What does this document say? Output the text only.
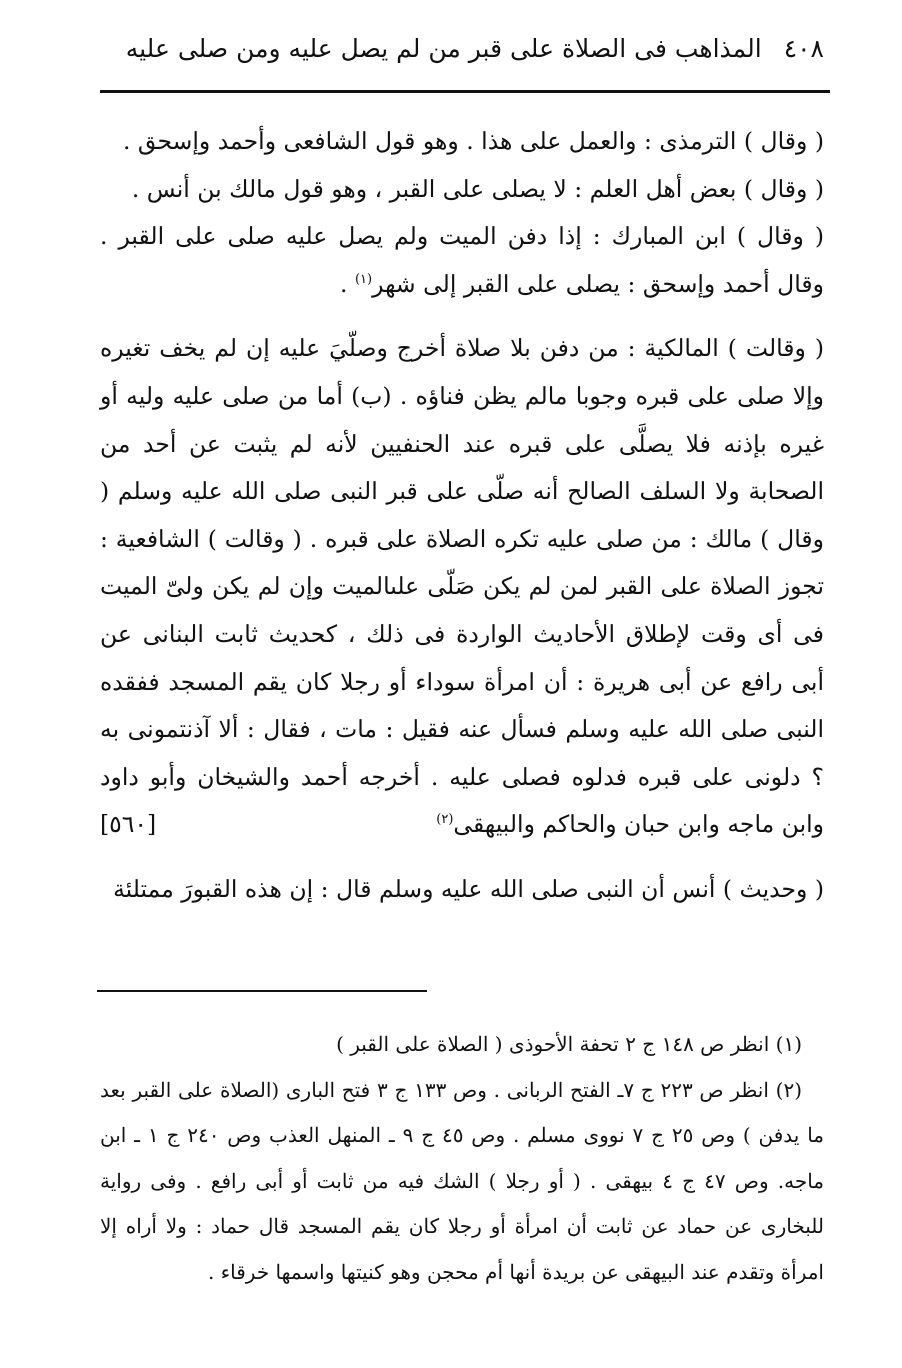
٤٠٨
المذاهب فى الصلاة على قبر من لم يصل عليه ومن صلى عليه

( وقال ) الترمذى : والعمل على هذا . وهو قول الشافعى وأحمد وإسحق .

( وقال ) بعض أهل العلم : لا يصلى على القبر ، وهو قول مالك بن أنس .

( وقال ) ابن المبارك : إذا دفن الميت ولم يصل عليه صلى على القبر . وقال أحمد وإسحق : يصلى على القبر إلى شهر$^{(١)}$ .

( وقالت ) المالكية : من دفن بلا صلاة أخرج وصلّيَ عليه إن لم يخف تغيره وإلا صلى على قبره وجوبا مالم يظن فناؤه . (ب) أما من صلى عليه وليه أو غيره بإذنه فلا يصلَّى على قبره عند الحنفيين لأنه لم يثبت عن أحد من الصحابة ولا السلف الصالح أنه صلّى على قبر النبى صلى الله عليه وسلم ( وقال ) مالك : من صلى عليه تكره الصلاة على قبره . ( وقالت ) الشافعية : تجوز الصلاة على القبر لمن لم يكن صَلّى علىالميت وإن لم يكن ولىّ الميت فى أى وقت لإطلاق الأحاديث الواردة فى ذلك ، كحديث ثابت البنانى عن أبى رافع عن أبى هريرة : أن امرأة سوداء أو رجلا كان يقم المسجد ففقده النبى صلى الله عليه وسلم فسأل عنه فقيل : مات ، فقال : ألا آذنتمونى به ؟ دلونى على قبره فدلوه فصلى عليه . أخرجه أحمد والشيخان وأبو داود وابن ماجه وابن حبان والحاكم والبيهقى$^{(٢)}$
[٥٦٠]

( وحديث ) أنس أن النبى صلى الله عليه وسلم قال : إن هذه القبورَ ممتلئة

(١) انظر ص ١٤٨ ج ٢ تحفة الأحوذى ( الصلاة على القبر )

(٢) انظر ص ٢٢٣ ج ٧ـ الفتح الربانى . وص ١٣٣ ج ٣ فتح البارى (الصلاة على القبر بعد ما يدفن ) وص ٢٥ ج ٧ نووى مسلم . وص ٤٥ ج ٩ ـ المنهل العذب وص ٢٤٠ ج ١ ـ ابن ماجه. وص ٤٧ ج ٤ بيهقى . ( أو رجلا ) الشك فيه من ثابت أو أبى رافع . وفى رواية للبخارى عن حماد عن ثابت أن امرأة أو رجلا كان يقم المسجد قال حماد : ولا أراه إلا امرأة وتقدم عند البيهقى عن بريدة أنها أم محجن وهو كنيتها واسمها خرقاء .
